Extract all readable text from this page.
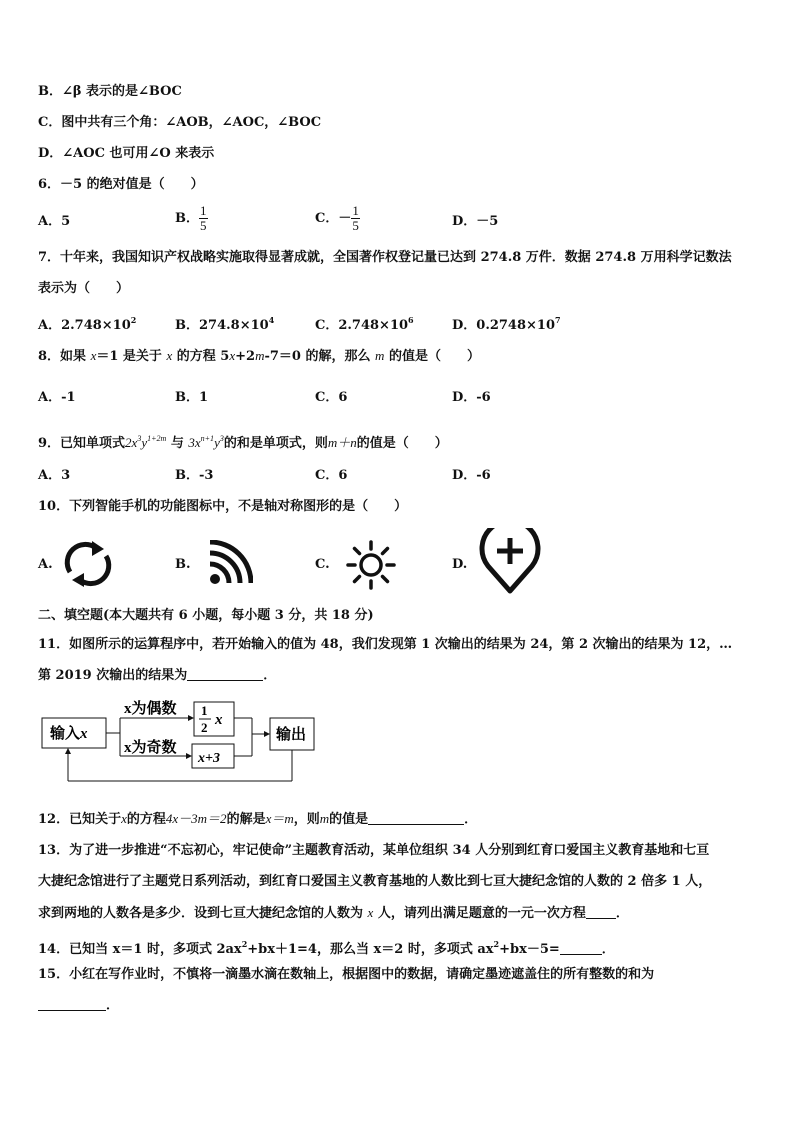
B．∠β 表示的是∠BOC
C．图中共有三个角：∠AOB，∠AOC，∠BOC
D．∠AOC 也可用∠O 来表示
6．－5 的绝对值是（　　）
A．5	B． $\frac{1}{5}$	C．－ $\frac{1}{5}$	D．－5
7．十年来，我国知识产权战略实施取得显著成就，全国著作权登记量已达到 274.8 万件．数据 274.8 万用科学记数法
表示为（　　）
A．$2.748\times 10^2$	B．$274.8\times 10^4$	C．$2.748\times 10^6$	D．$0.2748\times 10^7$
8．如果 x＝1 是关于 x 的方程 5x+2m-7＝0 的解，那么 m 的值是（　　）
A．-1	B．1	C．6	D．-6
9．已知单项式$2x^3y^{1+2m}$ 与 $3x^{n+1}y^3$的和是单项式，则m＋n的值是（　　）
A．3	B．-3	C．6	D．-6
10．下列智能手机的功能图标中，不是轴对称图形的是（　　）
A.	B.	C.	D.
二、填空题(本大题共有 6 小题，每小题 3 分，共 18 分)
11．如图所示的运算程序中，若开始输入的值为 48，我们发现第 1 次输出的结果为 24，第 2 次输出的结果为 12，…
第 2019 次输出的结果为	．
输入x
x为偶数
x为奇数
1
2 x
x+3
输出
12．已知关于x的方程4x－3m＝2的解是x＝m，则m的值是	．
13．为了进一步推进“不忘初心，牢记使命”主题教育活动，某单位组织 34 人分别到红育口爱国主义教育基地和七亘
大捷纪念馆进行了主题党日系列活动，到红育口爱国主义教育基地的人数比到七亘大捷纪念馆的人数的 2 倍多 1 人，
求到两地的人数各是多少．设到七亘大捷纪念馆的人数为 x 人，请列出满足题意的一元一次方程 ．
14．已知当 x＝1 时，多项式 $2ax^2+bx+1=4$，那么当 x＝2 时，多项式 $ax^2+bx-5=$	．
15．小红在写作业时，不慎将一滴墨水滴在数轴上，根据图中的数据，请确定墨迹遮盖住的所有整数的和为
．
